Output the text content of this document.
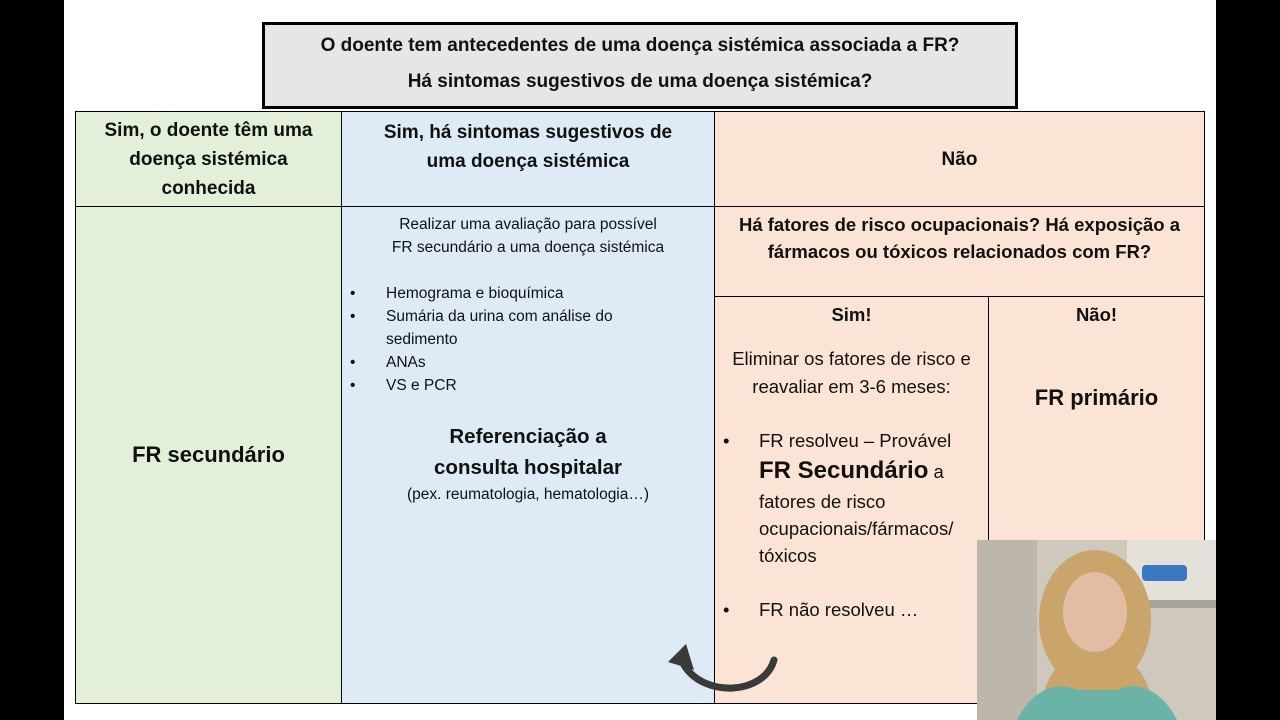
O doente tem antecedentes de uma doença sistémica associada a FR?
Há sintomas sugestivos de uma doença sistémica?
Sim, o doente têm uma doença sistémica conhecida
FR secundário
Sim, há sintomas sugestivos de uma doença sistémica
Realizar uma avaliação para possível FR secundário a uma doença sistémica
• Hemograma e bioquímica
• Sumária da urina com análise do sedimento
• ANAs
• VS e PCR
Referenciação a consulta hospitalar
(pex. reumatologia, hematologia…)
Não
Há fatores de risco ocupacionais? Há exposição a fármacos ou tóxicos relacionados com FR?
Sim!
Eliminar os fatores de risco e reavaliar em 3-6 meses:
• FR resolveu – Provável
FR Secundário a fatores de risco ocupacionais/fármacos/ tóxicos
• FR não resolveu …
Não!
FR primário
